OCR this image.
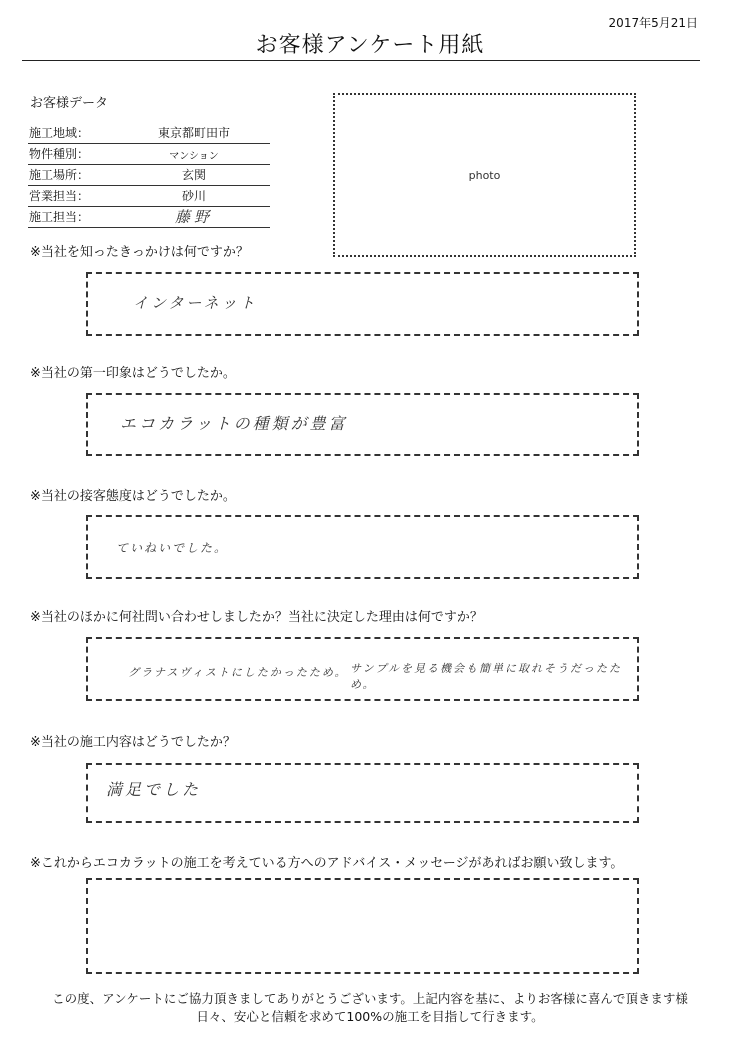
2017年5月21日
お客様アンケート用紙
お客様データ
施工地域：	東京都町田市
物件種別：	マンション
施工場所：	玄関
営業担当：	砂川
施工担当：	藤野
photo
※当社を知ったきっかけは何ですか？
インターネット
※当社の第一印象はどうでしたか。
エコカラットの種類が豊富
※当社の接客態度はどうでしたか。
ていねいでした。
※当社のほかに何社問い合わせしましたか？当社に決定した理由は何ですか？
グラナスヴィストにしたかったため。 サンプルを見る機会も簡単に取れそうだったため。
※当社の施工内容はどうでしたか？
満足でした
※これからエコカラットの施工を考えている方へのアドバイス・メッセージがあればお願い致します。
この度、アンケートにご協力頂きましてありがとうございます。上記内容を基に、よりお客様に喜んで頂きます様
日々、安心と信頼を求めて100%の施工を目指して行きます。
